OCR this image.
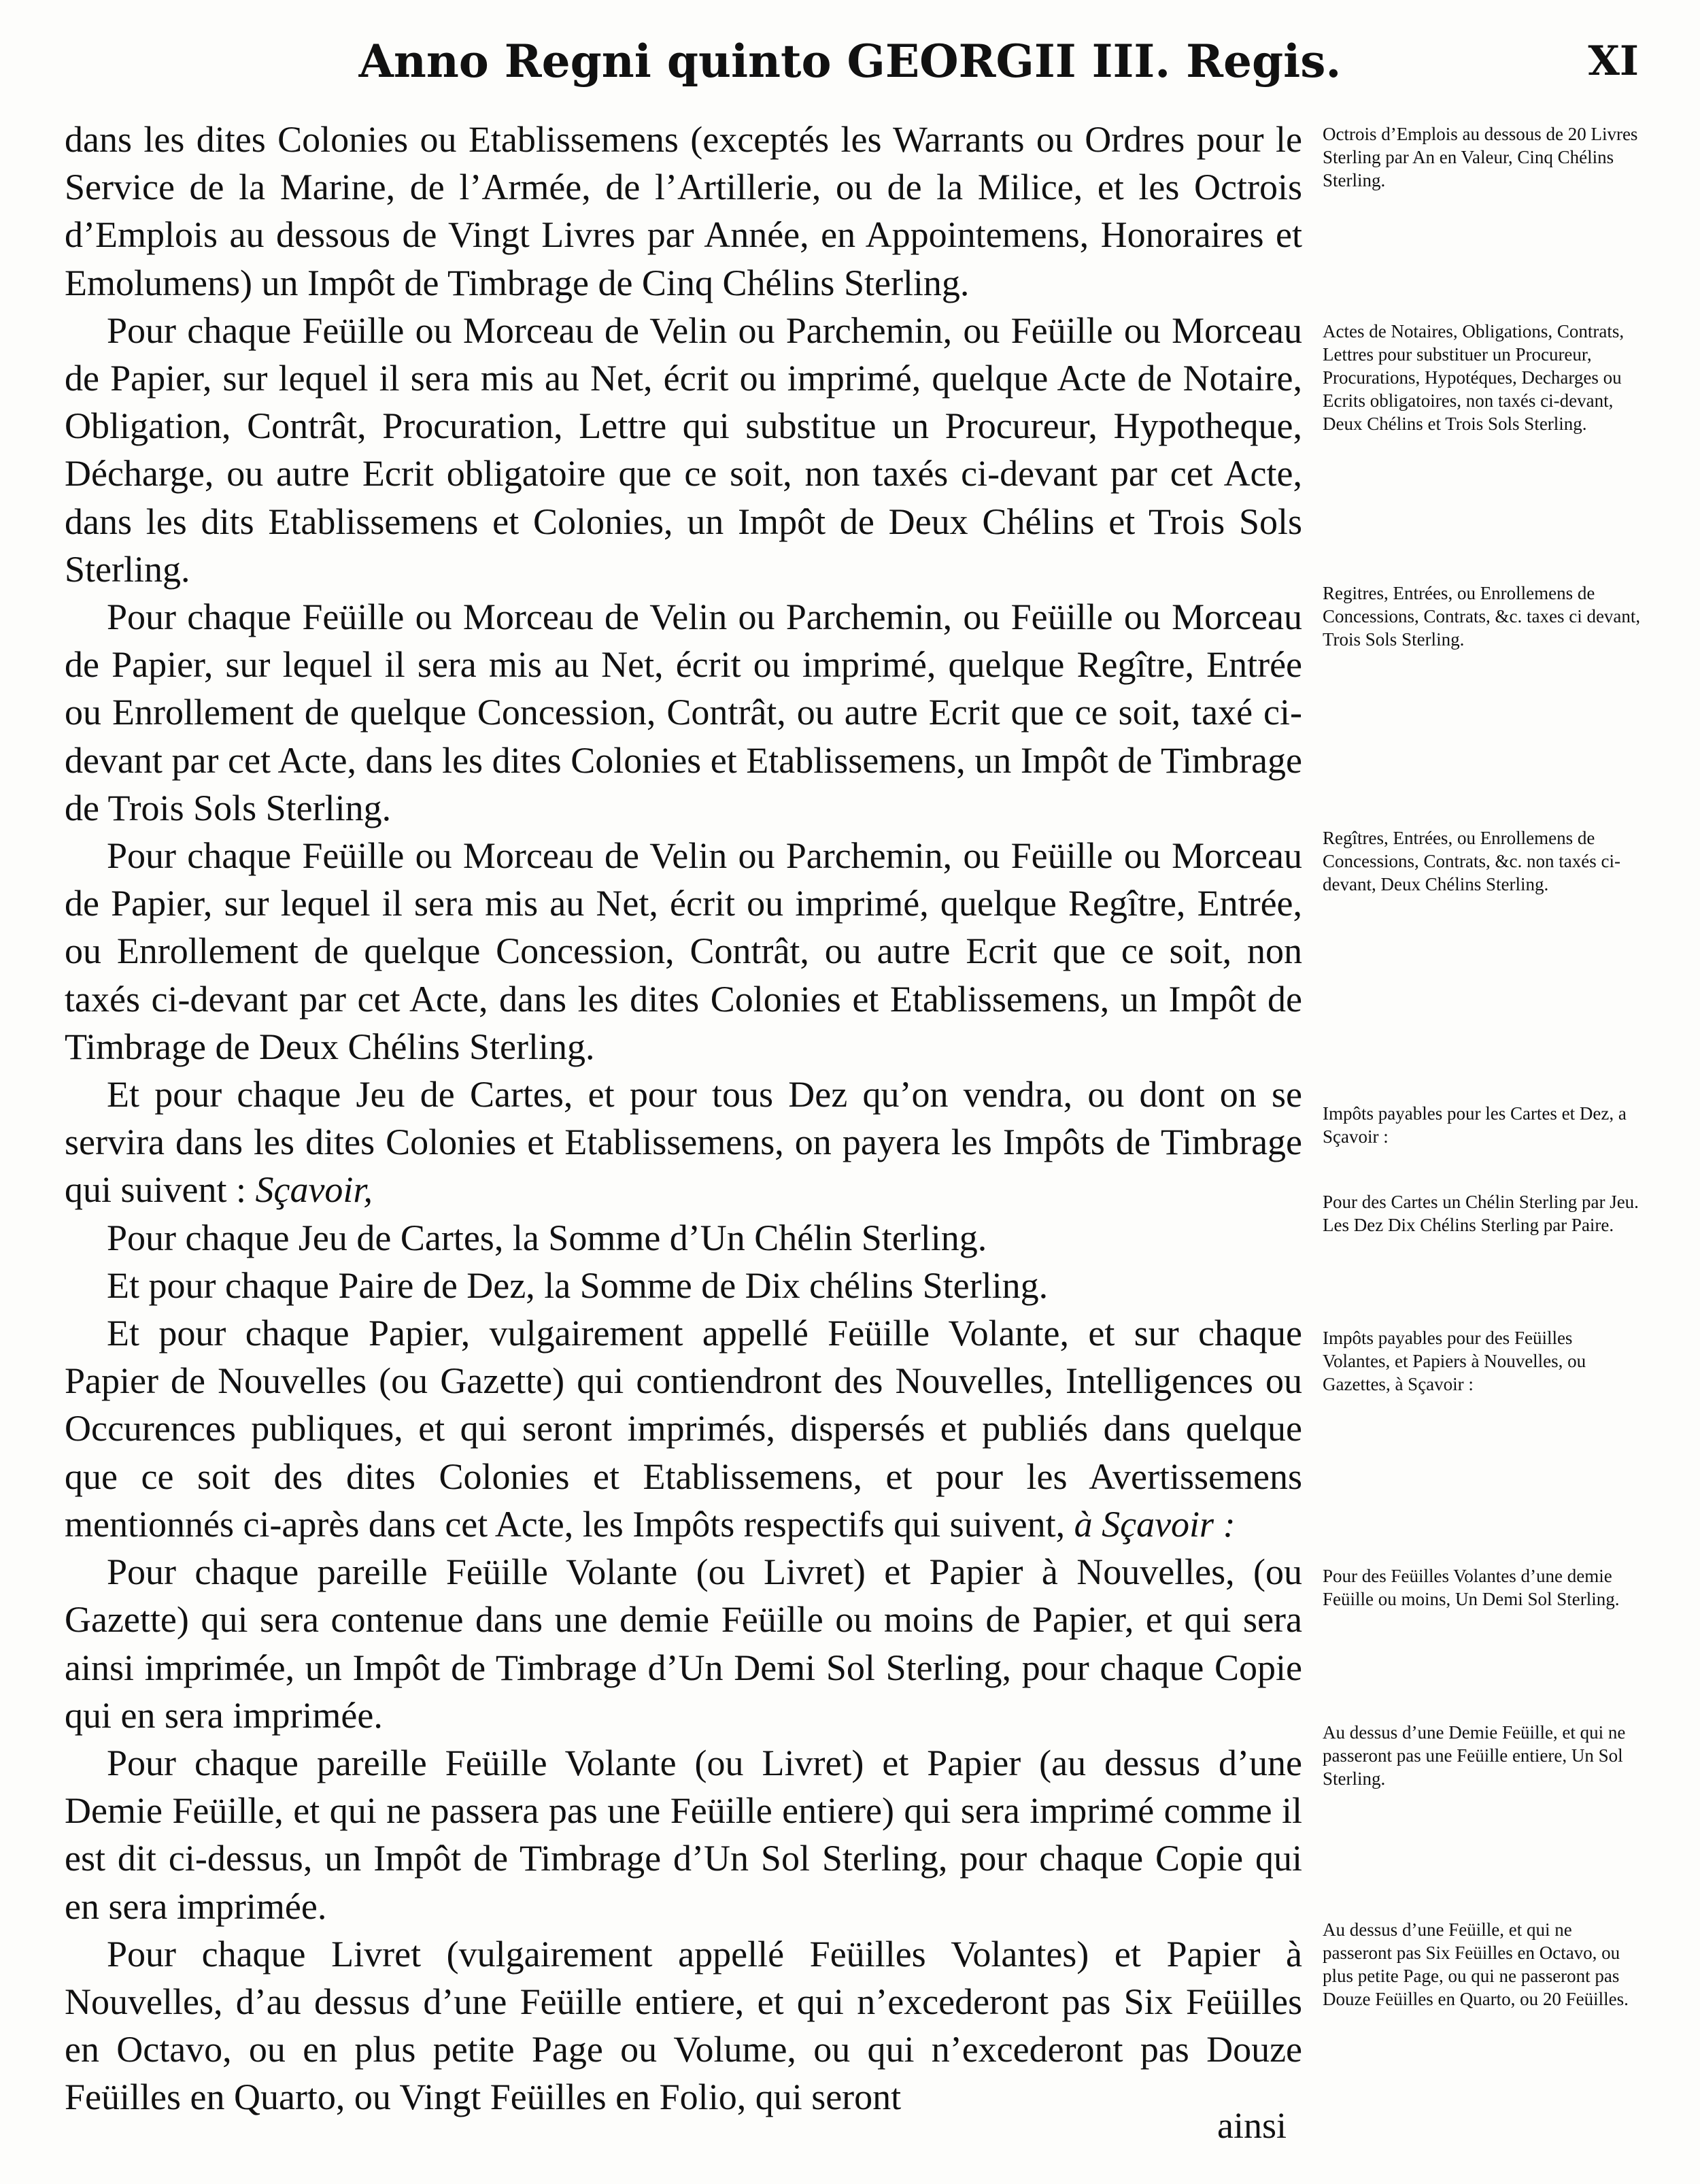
Anno Regni quinto GEORGII III. Regis.	XI

dans les dites Colonies ou Etablissemens (exceptés les Warrants ou Ordres pour le Service de la Marine, de l’Armée, de l’Artillerie, ou de la Milice, et les Octrois d’Emplois au dessous de Vingt Livres par Année, en Appointemens, Honoraires et Emolumens) un Impôt de Timbrage de Cinq Chélins Sterling.

Pour chaque Feüille ou Morceau de Velin ou Parchemin, ou Feüille ou Morceau de Papier, sur lequel il sera mis au Net, écrit ou imprimé, quelque Acte de Notaire, Obligation, Contrât, Procuration, Lettre qui substitue un Procureur, Hypotheque, Décharge, ou autre Ecrit obligatoire que ce soit, non taxés ci-devant par cet Acte, dans les dits Etablissemens et Colonies, un Impôt de Deux Chélins et Trois Sols Sterling.

Pour chaque Feüille ou Morceau de Velin ou Parchemin, ou Feüille ou Morceau de Papier, sur lequel il sera mis au Net, écrit ou imprimé, quelque Regître, Entrée ou Enrollement de quelque Concession, Contrât, ou autre Ecrit que ce soit, taxé ci-devant par cet Acte, dans les dites Colonies et Etablissemens, un Impôt de Timbrage de Trois Sols Sterling.

Pour chaque Feüille ou Morceau de Velin ou Parchemin, ou Feüille ou Morceau de Papier, sur lequel il sera mis au Net, écrit ou imprimé, quelque Regître, Entrée, ou Enrollement de quelque Concession, Contrât, ou autre Ecrit que ce soit, non taxés ci-devant par cet Acte, dans les dites Colonies et Etablissemens, un Impôt de Timbrage de Deux Chélins Sterling.

Et pour chaque Jeu de Cartes, et pour tous Dez qu’on vendra, ou dont on se servira dans les dites Colonies et Etablissemens, on payera les Impôts de Timbrage qui suivent : Sçavoir,

Pour chaque Jeu de Cartes, la Somme d’Un Chélin Sterling.

Et pour chaque Paire de Dez, la Somme de Dix chélins Sterling.

Et pour chaque Papier, vulgairement appellé Feüille Volante, et sur chaque Papier de Nouvelles (ou Gazette) qui contiendront des Nouvelles, Intelligences ou Occurences publiques, et qui seront imprimés, dispersés et publiés dans quelque que ce soit des dites Colonies et Etablissemens, et pour les Avertissemens mentionnés ci-après dans cet Acte, les Impôts respectifs qui suivent, à Sçavoir :

Pour chaque pareille Feüille Volante (ou Livret) et Papier à Nouvelles, (ou Gazette) qui sera contenue dans une demie Feüille ou moins de Papier, et qui sera ainsi imprimée, un Impôt de Timbrage d’Un Demi Sol Sterling, pour chaque Copie qui en sera imprimée.

Pour chaque pareille Feüille Volante (ou Livret) et Papier (au dessus d’une Demie Feüille, et qui ne passera pas une Feüille entiere) qui sera imprimé comme il est dit ci-dessus, un Impôt de Timbrage d’Un Sol Sterling, pour chaque Copie qui en sera imprimée.

Pour chaque Livret (vulgairement appellé Feüilles Volantes) et Papier à Nouvelles, d’au dessus d’une Feüille entiere, et qui n’excederont pas Six Feüilles en Octavo, ou en plus petite Page ou Volume, ou qui n’excederont pas Douze Feüilles en Quarto, ou Vingt Feüilles en Folio, qui seront

ainsi
Octrois d’Emplois au dessous de 20 Livres Sterling par An en Valeur, Cinq Chélins Sterling.
Actes de Notaires, Obligations, Contrats, Lettres pour substituer un Procureur, Procurations, Hypotéques, Decharges ou Ecrits obligatoires, non taxés ci-devant, Deux Chélins et Trois Sols Sterling.
Regitres, Entrées, ou Enrollemens de Concessions, Contrats, &c. taxes ci devant, Trois Sols Sterling.
Regîtres, Entrées, ou Enrollemens de Concessions, Contrats, &c. non taxés ci-devant, Deux Chélins Sterling.
Impôts payables pour les Cartes et Dez, a Sçavoir :
Pour des Cartes un Chélin Sterling par Jeu. Les Dez Dix Chélins Sterling par Paire.
Impôts payables pour des Feüilles Volantes, et Papiers à Nouvelles, ou Gazettes, à Sçavoir :
Pour des Feüilles Volantes d’une demie Feüille ou moins, Un Demi Sol Sterling.
Au dessus d’une Demie Feüille, et qui ne passeront pas une Feüille entiere, Un Sol Sterling.
Au dessus d’une Feüille, et qui ne passeront pas Six Feüilles en Octavo, ou plus petite Page, ou qui ne passeront pas Douze Feüilles en Quarto, ou 20 Feüilles.
